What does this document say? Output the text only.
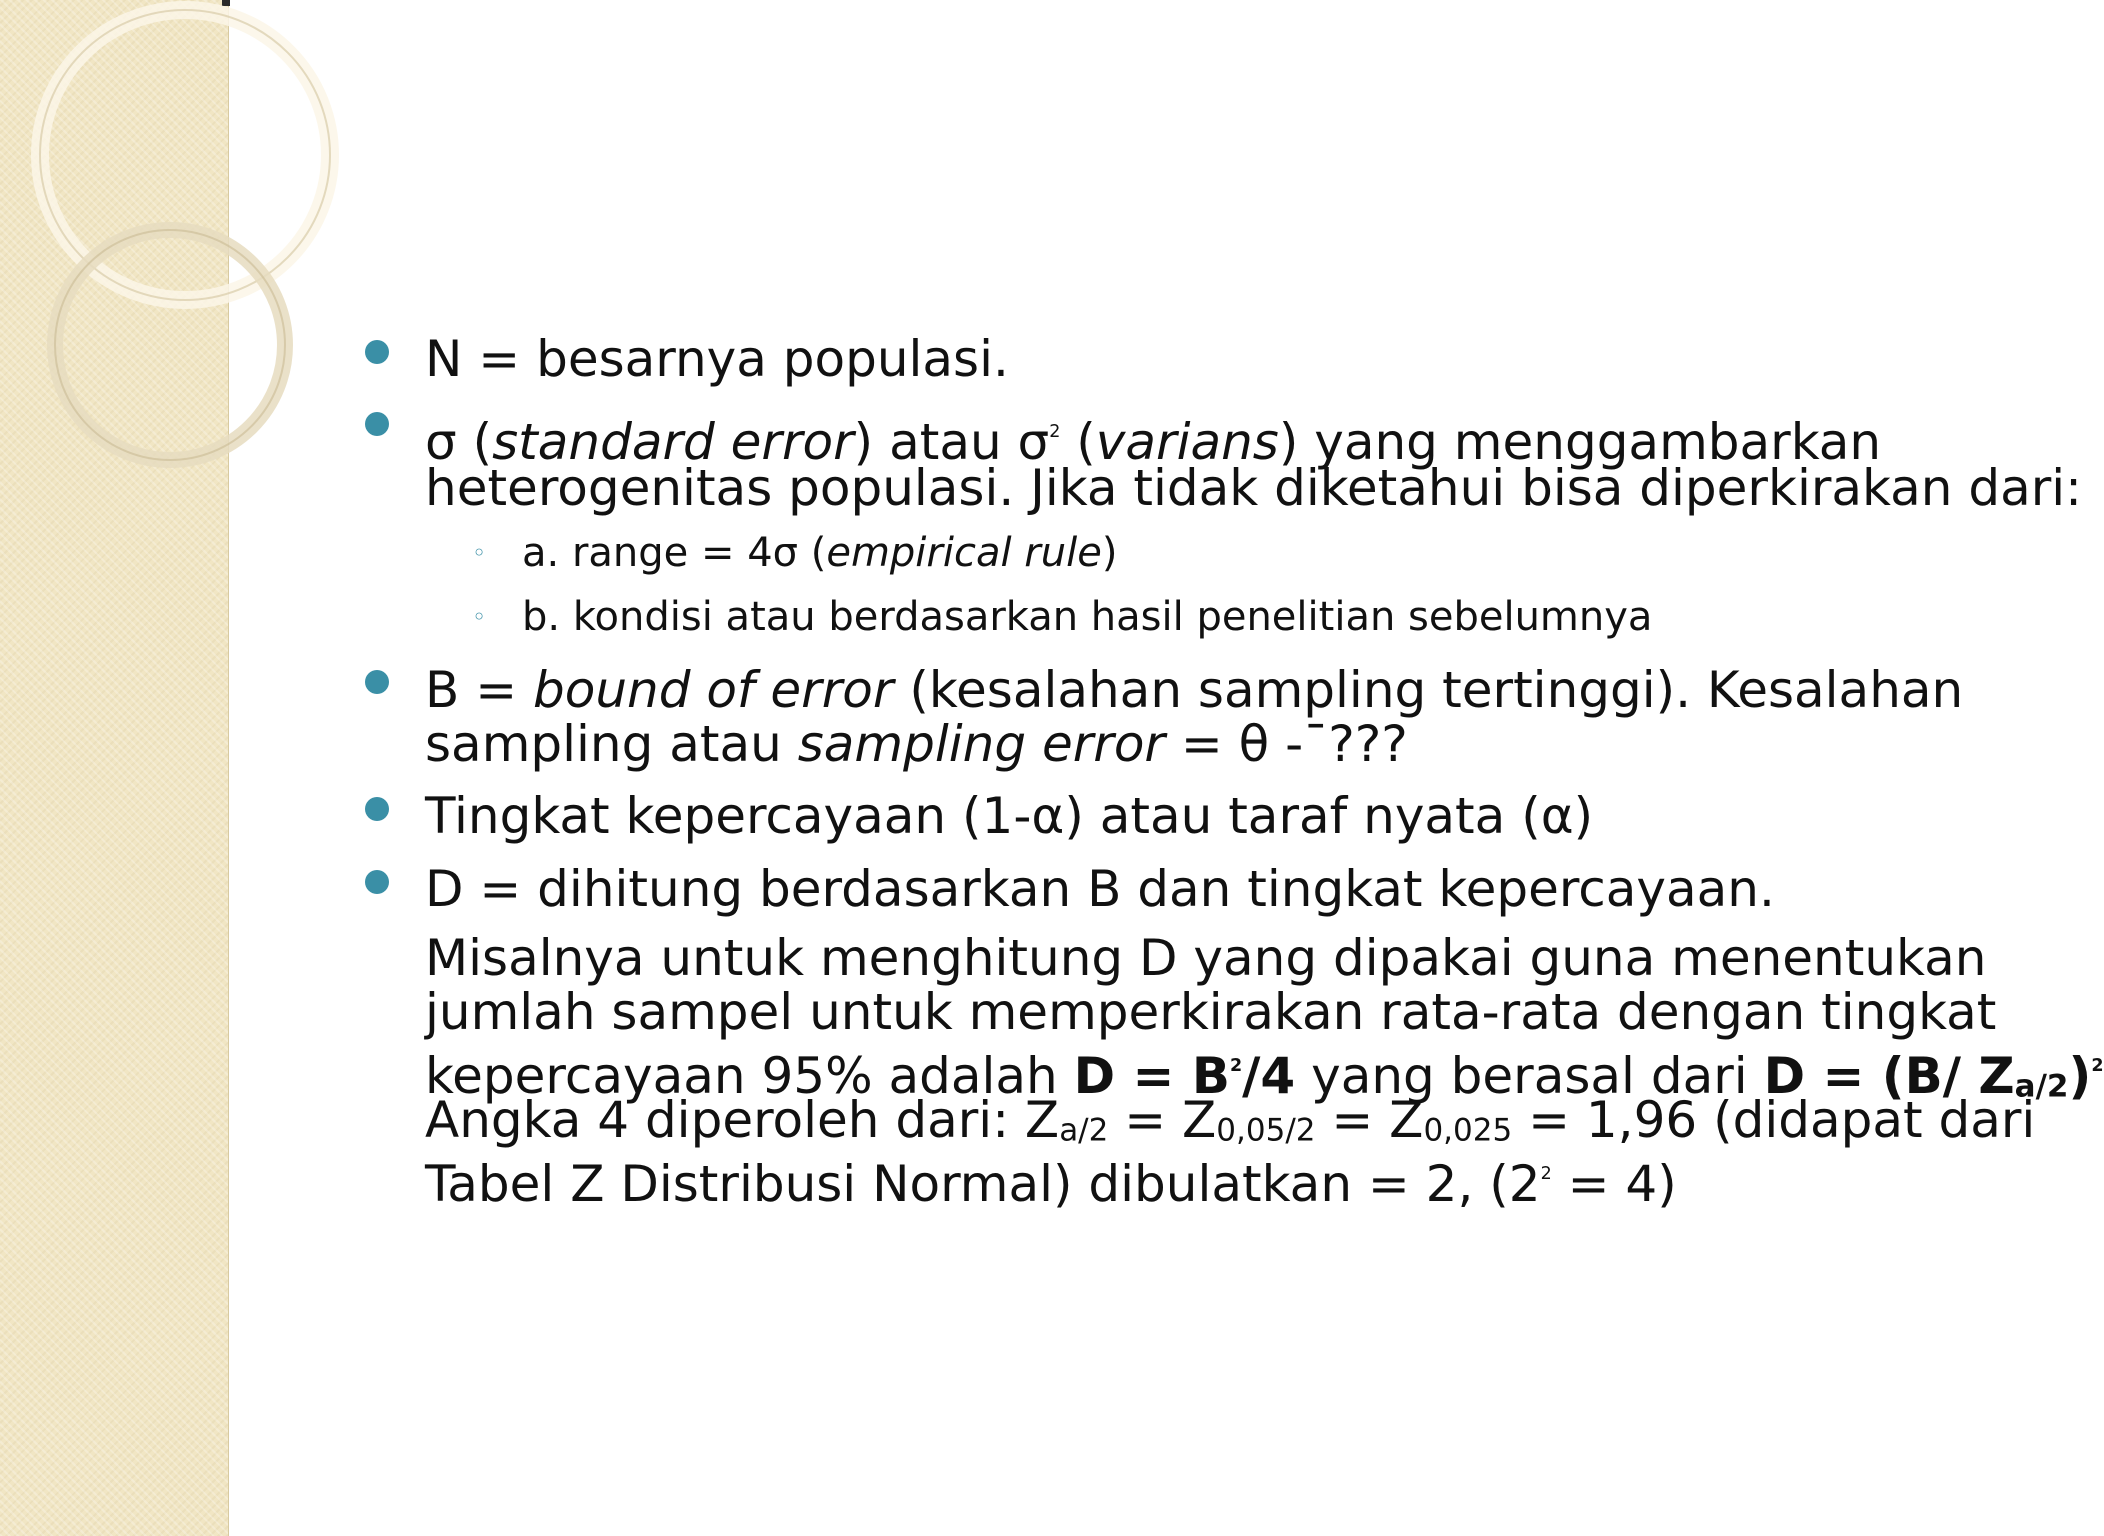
N = besarnya populasi.
σ (standard error) atau $\sigma^2$ (varians) yang menggambarkan
heterogenitas populasi. Jika tidak diketahui bisa diperkirakan dari:
◦ a. range = 4σ (empirical rule)
◦ b. kondisi atau berdasarkan hasil penelitian sebelumnya
B = bound of error (kesalahan sampling tertinggi). Kesalahan
sampling atau sampling error = θ -¯???
Tingkat kepercayaan (1-α) atau taraf nyata (α)
D = dihitung berdasarkan B dan tingkat kepercayaan.
Misalnya untuk menghitung D yang dipakai guna menentukan
jumlah sampel untuk memperkirakan rata-rata dengan tingkat
kepercayaan 95% adalah $D = B^2/4$ yang berasal dari D = (B/ $Z_{a/2})^2$
Angka 4 diperoleh dari: $Z_{a/2} = Z_{0,05/2} = Z_{0,025} = 1,96$ (didapat dari
Tabel Z Distribusi Normal) dibulatkan = 2, $(2^2 = 4)$
